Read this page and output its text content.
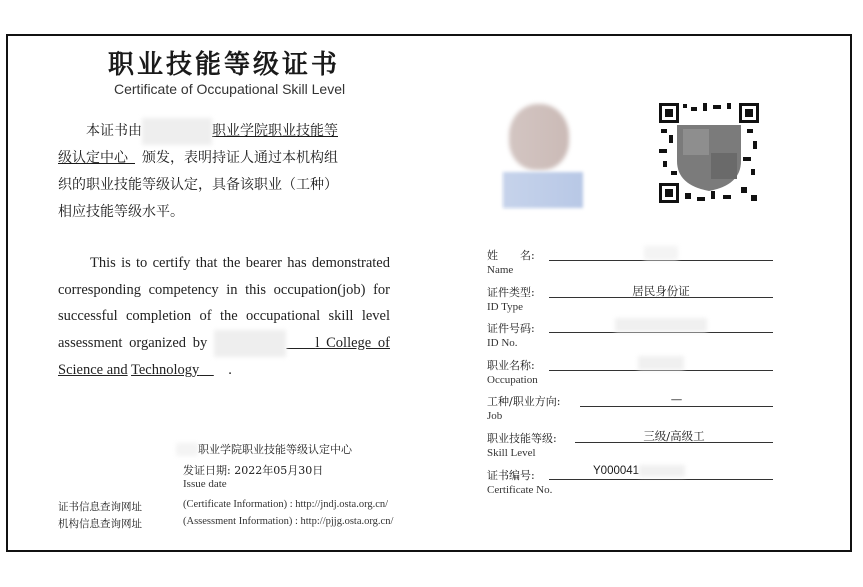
职业技能等级证书
Certificate of Occupational Skill Level
本证书由     	职业学院职业技能等
级认定中心   颁发，表明持证人通过本机构组
织的职业技能等级认定，具备该职业（工种）
相应技能等级水平。
This is to certify that the bearer has demonstrated corresponding competency in this occupation(job) for successful completion of the occupational skill level assessment organized by        	l College of Science and Technology    .
姓　　名:
Name

证件类型:
ID Type
居民身份证
证件号码:
ID No.

职业名称:
Occupation

工种/职业方向:
Job
—
职业技能等级:
Skill Level
三级/高级工
证书编号:
Certificate No.
Y000041    
  职业学院职业技能等级认定中心
发证日期: 2022年05月30日
Issue date
证书信息查询网址	(Certificate Information) : http://jndj.osta.org.cn/
机构信息查询网址	(Assessment Information) : http://pjjg.osta.org.cn/
